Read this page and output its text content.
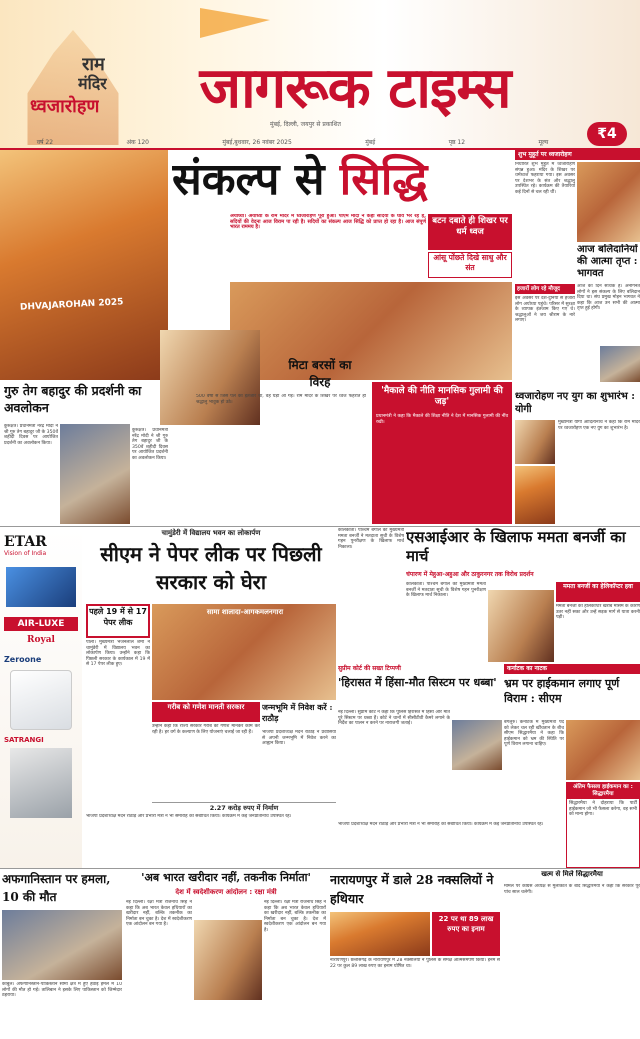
राम
मंदिर
ध्वजारोहण	जागरूक टाइम्स
मुंबई, दिल्ली, जयपुर से प्रकाशित
₹4
वर्ष 22	अंक 120	मुंबई,बुधवार, 26 नवंबर 2025	मुंबई	पृष्ठ 12	मूल्य
DHVAJAROHAN 2025
संकल्प से सिद्धि
अयोध्या। अयोध्या के राम मंदिर में ध्वजारोहण पूरा हुआ। पीएम मोदी ने कहा सदियों के घाव भर रहे हैं, सदियों की वेदना आज विराम पा रही है। सदियों का संकल्प आज सिद्धि को प्राप्त हो रहा है। आज संपूर्ण भारत राममय है।
बटन दबाते ही शिखर पर धर्म ध्वज
आंसू पोंछते दिखे साधु और संत
शुभ मुहूर्त पर ध्वजारोहण
निर्धारित शुभ मुहूर्त में ध्वजारोहण संपन्न हुआ। मंदिर के शिखर पर धर्मध्वज फहराया गया। इस अवसर पर देशभर के संत और श्रद्धालु उपस्थित रहे। कार्यक्रम की तैयारियां कई दिनों से चल रही थीं।
आज बलिदानियों की आत्मा तृप्त : भागवत
हजारों लोग रहे मौजूद
इस अवसर पर देश-दुनिया से हजारों लोग अयोध्या पहुंचे। परिसर में सुरक्षा के व्यापक इंतजाम किए गए थे। श्रद्धालुओं ने जय श्रीराम के नारे लगाए।
आज का दिन सार्थक है। अनगिनत लोगों ने इस संकल्प के लिए बलिदान दिया था। संघ प्रमुख मोहन भागवत ने कहा कि आज उन सभी की आत्मा तृप्त हुई होगी।
गुरु तेग बहादुर की प्रदर्शनी का अवलोकन
कुरुक्षेत्र। प्रधानमंत्री नरेंद्र मोदी ने श्री गुरु तेग बहादुर जी के 350वें शहीदी दिवस पर आयोजित प्रदर्शनी का अवलोकन किया।
कुरुक्षेत्र। प्रधानमंत्री नरेंद्र मोदी ने श्री गुरु तेग बहादुर जी के 350वें शहीदी दिवस पर आयोजित प्रदर्शनी का अवलोकन किया।
मिटा बरसों का विरह
500 वर्षों से जिस पल का इंतजार था, वह घड़ी आ गई। राम मंदिर के शिखर पर ध्वज फहराते ही श्रद्धालु भावुक हो उठे।
'मैकाले की नीति मानसिक गुलामी की जड़'
प्रधानमंत्री ने कहा कि मैकाले की शिक्षा नीति ने देश में मानसिक गुलामी की नींव रखी।
ध्वजारोहण नए युग का शुभारंभ : योगी
मुख्यमंत्री योगी आदित्यनाथ ने कहा कि राम मंदिर पर ध्वजारोहण एक नए युग का शुभारंभ है।
ETAR
Vision of India
AIR-LUXE
Royal
Zeroone
SATRANGI
चामुंडेरी में विद्यालय भवन का लोकार्पण
सीएम ने पेपर लीक पर पिछली सरकार को घेरा
पहले 19 में से 17 पेपर लीक
पाली। मुख्यमंत्री भजनलाल शर्मा ने चामुंडेरी में विद्यालय भवन का लोकार्पण किया। उन्होंने कहा कि पिछली सरकार के कार्यकाल में 19 में से 17 पेपर लीक हुए।
सामा शालादा-आगकमलनगारा
गरीब को गणेश मानती सरकार
उन्होंने कहा कि राज्य सरकार गरीब को गणेश मानकर काम कर रही है। हर वर्ग के कल्याण के लिए योजनाएं चलाई जा रही हैं।
जन्मभूमि में निवेश करें : राठौड़
भाजपा प्रदेशाध्यक्ष मदन राठौड़ ने प्रवासियों से अपनी जन्मभूमि में निवेश करने का आह्वान किया।
2.27 करोड़ रुपए में निर्माण
भाजपा प्रदेशाध्यक्ष मदन राठौड़ और प्रभारी मंत्री ने भी समारोह को संबोधित किया। कार्यक्रम में कई जनप्रतिनिधि उपस्थित रहे।
कोलकाता। पश्चिम बंगाल की मुख्यमंत्री ममता बनर्जी ने मतदाता सूची के विशेष गहन पुनरीक्षण के खिलाफ मार्च निकाला।
एसआईआर के खिलाफ ममता बनर्जी का मार्च
चंपारण में मेहुआ-अहुआ और ठाकुरनगर तक विरोध प्रदर्शन
कोलकाता। पश्चिम बंगाल की मुख्यमंत्री ममता बनर्जी ने मतदाता सूची के विशेष गहन पुनरीक्षण के खिलाफ मार्च निकाला।
ममता बनर्जी का हेलिकॉप्टर हवा
ममता बनर्जी का हेलिकॉप्टर खराब मौसम के कारण उतर नहीं सका और उन्हें सड़क मार्ग से यात्रा करनी पड़ी।
सुप्रीम कोर्ट की सख्त टिप्पणी
'हिरासत में हिंसा-मौत सिस्टम पर धब्बा'
नई दिल्ली। सुप्रीम कोर्ट ने कहा कि पुलिस हिरासत में हिंसा और मौतें पूरे सिस्टम पर धब्बा हैं। कोर्ट ने थानों में सीसीटीवी कैमरे लगाने के निर्देश का पालन न करने पर नाराजगी जताई।
कर्नाटक का नाटक
भ्रम पर हाईकमान लगाए पूर्ण विराम : सीएम
बेंगलुरु। कर्नाटक में मुख्यमंत्री पद को लेकर चल रही खींचतान के बीच सीएम सिद्धारमैया ने कहा कि हाईकमान को भ्रम की स्थिति पर पूर्ण विराम लगाना चाहिए।
अंतिम फैसला हाईकमान का : सिद्धारमैया
सिद्धारमैया ने दोहराया कि पार्टी हाईकमान जो भी फैसला करेगा, वह सभी को मान्य होगा।
भाजपा प्रदेशाध्यक्ष मदन राठौड़ और प्रभारी मंत्री ने भी समारोह को संबोधित किया। कार्यक्रम में कई जनप्रतिनिधि उपस्थित रहे।
अफगानिस्तान पर हमला, 10 की मौत
काबुल। अफगानिस्तान-पाकिस्तान सीमा क्षेत्र में हुए हवाई हमले में 10 लोगों की मौत हो गई। तालिबान ने इसके लिए पाकिस्तान को जिम्मेदार ठहराया।
'अब भारत खरीदार नहीं, तकनीक निर्माता'
देश में स्वदेशीकरण आंदोलन : रक्षा मंत्री
नई दिल्ली। रक्षा मंत्री राजनाथ सिंह ने कहा कि अब भारत केवल हथियारों का खरीदार नहीं, बल्कि तकनीक का निर्माता बन चुका है। देश में स्वदेशीकरण एक आंदोलन बन गया है।
नई दिल्ली। रक्षा मंत्री राजनाथ सिंह ने कहा कि अब भारत केवल हथियारों का खरीदार नहीं, बल्कि तकनीक का निर्माता बन चुका है। देश में स्वदेशीकरण एक आंदोलन बन गया है।
नारायणपुर में डाले 28 नक्सलियों ने हथियार
22 पर था 89 लाख रुपए का इनाम
नारायणपुर। छत्तीसगढ़ के नारायणपुर में 28 नक्सलियों ने पुलिस के समक्ष आत्मसमर्पण किया। इनमें से 22 पर कुल 89 लाख रुपए का इनाम घोषित था।
खत्म से मिले सिद्धारमैया
मामले पर कांग्रेस अध्यक्ष से मुलाकात के बाद सिद्धारमैया ने कहा कि सरकार पूरे पांच साल चलेगी।
